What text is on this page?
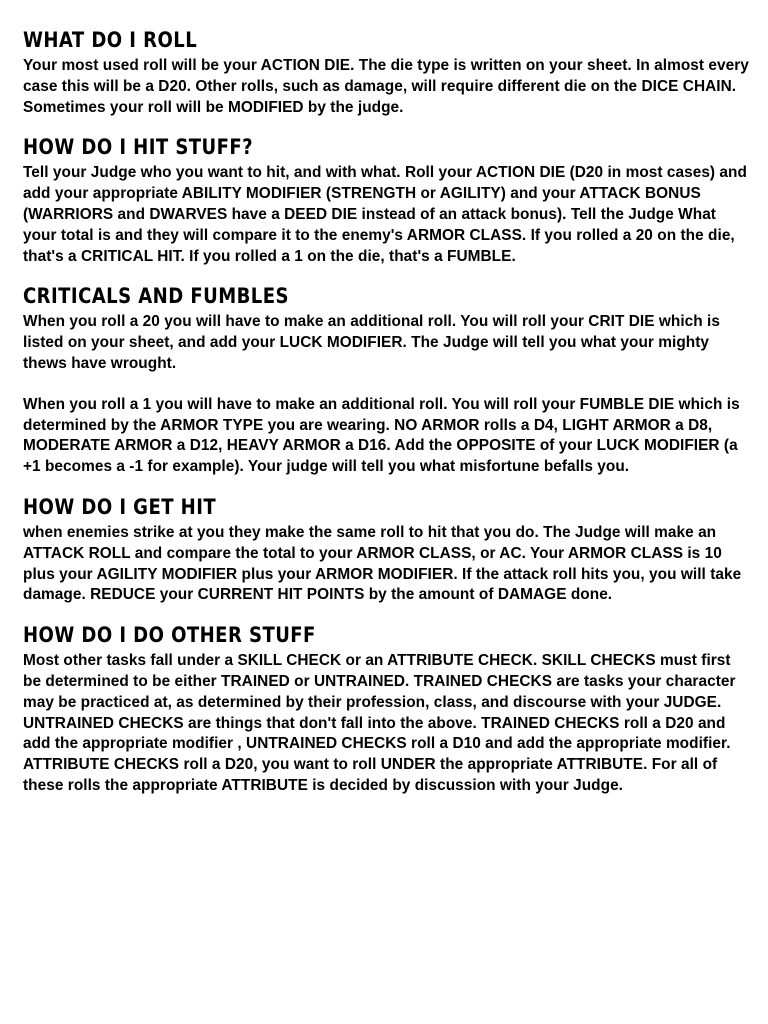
WHAT DO I ROLL

Your most used roll will be your ACTION DIE. The die type is written on your sheet. In almost every case this will be a D20. Other rolls, such as damage, will require different die on the DICE CHAIN. Sometimes your roll will be MODIFIED by the judge.

HOW DO I HIT STUFF?

Tell your Judge who you want to hit, and with what. Roll your ACTION DIE (D20 in most cases) and add your appropriate ABILITY MODIFIER (STRENGTH or AGILITY) and your ATTACK BONUS (WARRIORS and DWARVES have a DEED DIE instead of an attack bonus). Tell the Judge What your total is and they will compare it to the enemy's ARMOR CLASS. If you rolled a 20 on the die, that's a CRITICAL HIT. If you rolled a 1 on the die, that's a FUMBLE.

CRITICALS AND FUMBLES

When you roll a 20 you will have to make an additional roll. You will roll your CRIT DIE which is listed on your sheet, and add your LUCK MODIFIER. The Judge will tell you what your mighty thews have wrought.

When you roll a 1 you will have to make an additional roll. You will roll your FUMBLE DIE which is determined by the ARMOR TYPE you are wearing. NO ARMOR rolls a D4, LIGHT ARMOR a D8, MODERATE ARMOR a D12, HEAVY ARMOR a D16. Add the OPPOSITE of your LUCK MODIFIER (a +1 becomes a -1 for example). Your judge will tell you what misfortune befalls you.

HOW DO I GET HIT

when enemies strike at you they make the same roll to hit that you do. The Judge will make an ATTACK ROLL and compare the total to your ARMOR CLASS, or AC. Your ARMOR CLASS is 10 plus your AGILITY MODIFIER plus your ARMOR MODIFIER. If the attack roll hits you, you will take damage. REDUCE your CURRENT HIT POINTS by the amount of DAMAGE done.

HOW DO I DO OTHER STUFF

Most other tasks fall under a SKILL CHECK or an ATTRIBUTE CHECK. SKILL CHECKS must first be determined to be either TRAINED or UNTRAINED. TRAINED CHECKS are tasks your character may be practiced at, as determined by their profession, class, and discourse with your JUDGE. UNTRAINED CHECKS are things that don't fall into the above. TRAINED CHECKS roll a D20 and add the appropriate modifier , UNTRAINED CHECKS roll a D10 and add the appropriate modifier. ATTRIBUTE CHECKS roll a D20, you want to roll UNDER the appropriate ATTRIBUTE. For all of these rolls the appropriate ATTRIBUTE is decided by discussion with your Judge.
